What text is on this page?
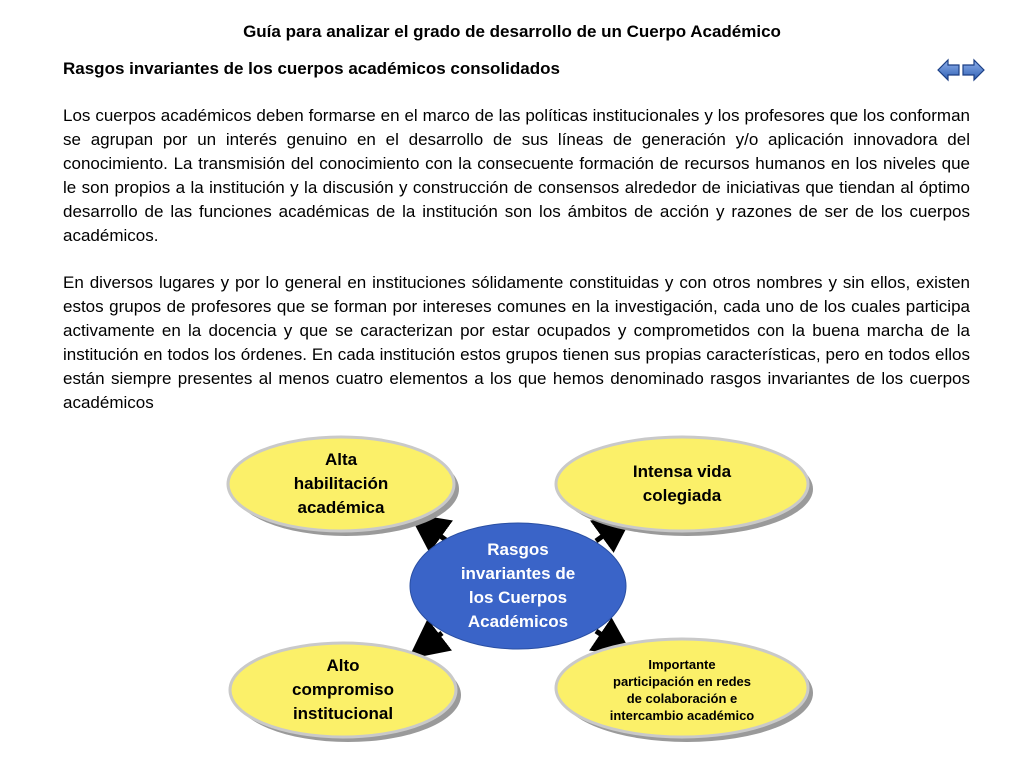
Guía para analizar el grado de desarrollo de un Cuerpo Académico
Rasgos invariantes de los cuerpos académicos consolidados

Los cuerpos académicos deben formarse en el marco de las políticas institucionales y los profesores que los conforman se agrupan por un interés genuino en el desarrollo de sus líneas de generación y/o aplicación innovadora del conocimiento. La transmisión del conocimiento con la consecuente formación de recursos humanos en los niveles que le son propios a la institución y la discusión y construcción de consensos alrededor de iniciativas que tiendan al óptimo desarrollo de las funciones académicas de la institución son los ámbitos de acción y razones de ser de los cuerpos académicos.

En diversos lugares y por lo general en instituciones sólidamente constituidas y con otros nombres y sin ellos, existen estos grupos de profesores que se forman por intereses comunes en la investigación, cada uno de los cuales participa activamente en la docencia y que se caracterizan por estar ocupados y comprometidos con la buena marcha de la institución en todos los órdenes. En cada institución estos grupos tienen sus propias características, pero en todos ellos están siempre presentes al menos cuatro elementos a los que hemos denominado rasgos invariantes de los cuerpos académicos

Alta
habilitación
académica
Intensa vida
colegiada
Alto
compromiso
institucional
Importante
participación en redes
de colaboración e
intercambio académico
Rasgos
invariantes de
los Cuerpos
Académicos
